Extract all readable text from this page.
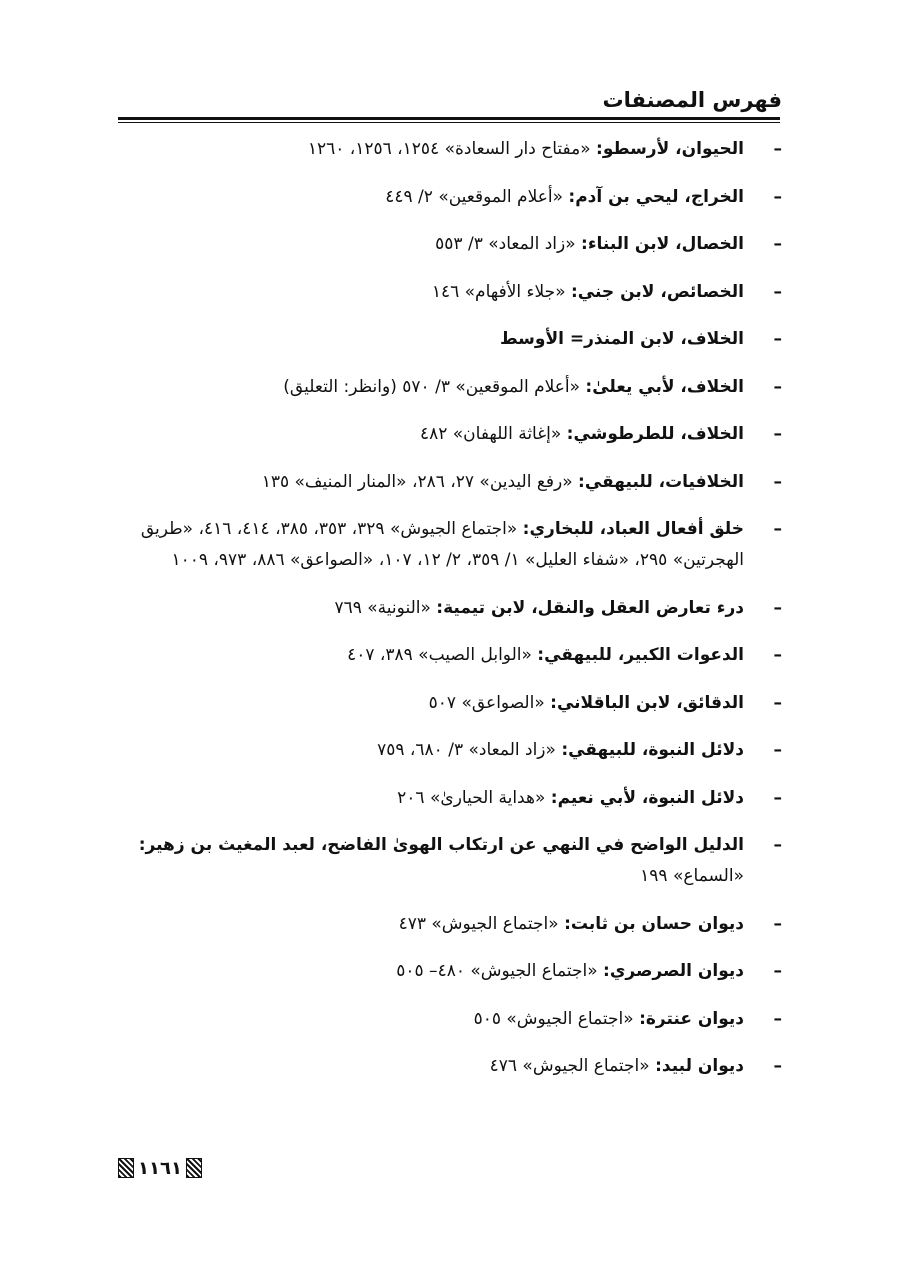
فهرس المصنفات
–
الحيوان، لأرسطو: «مفتاح دار السعادة» ١٢٥٤، ١٢٥٦، ١٢٦٠
–
الخراج، ليحي بن آدم: «أعلام الموقعين» ٢/ ٤٤٩
–
الخصال، لابن البناء: «زاد المعاد» ٣/ ٥٥٣
–
الخصائص، لابن جني: «جلاء الأفهام» ١٤٦
–
الخلاف، لابن المنذر= الأوسط
–
الخلاف، لأبي يعلىٰ: «أعلام الموقعين» ٣/ ٥٧٠ (وانظر: التعليق)
–
الخلاف، للطرطوشي: «إغاثة اللهفان» ٤٨٢
–
الخلافيات، للبيهقي: «رفع اليدين» ٢٧، ٢٨٦، «المنار المنيف» ١٣٥
–
خلق أفعال العباد، للبخاري: «اجتماع الجيوش» ٣٢٩، ٣٥٣، ٣٨٥، ٤١٤، ٤١٦، «طريق الهجرتين» ٢٩٥، «شفاء العليل» ١/ ٣٥٩، ٢/ ١٢، ١٠٧، «الصواعق» ٨٨٦، ٩٧٣، ١٠٠٩
–
درء تعارض العقل والنقل، لابن تيمية: «النونية» ٧٦٩
–
الدعوات الكبير، للبيهقي: «الوابل الصيب» ٣٨٩، ٤٠٧
–
الدقائق، لابن الباقلاني: «الصواعق» ٥٠٧
–
دلائل النبوة، للبيهقي: «زاد المعاد» ٣/ ٦٨٠، ٧٥٩
–
دلائل النبوة، لأبي نعيم: «هداية الحيارىٰ» ٢٠٦
–
الدليل الواضح في النهي عن ارتكاب الهوىٰ الفاضح، لعبد المغيث بن زهير: «السماع» ١٩٩
–
ديوان حسان بن ثابت: «اجتماع الجيوش» ٤٧٣
–
ديوان الصرصري: «اجتماع الجيوش» ٤٨٠– ٥٠٥
–
ديوان عنترة: «اجتماع الجيوش» ٥٠٥
–
ديوان لبيد: «اجتماع الجيوش» ٤٧٦
١١٦١
